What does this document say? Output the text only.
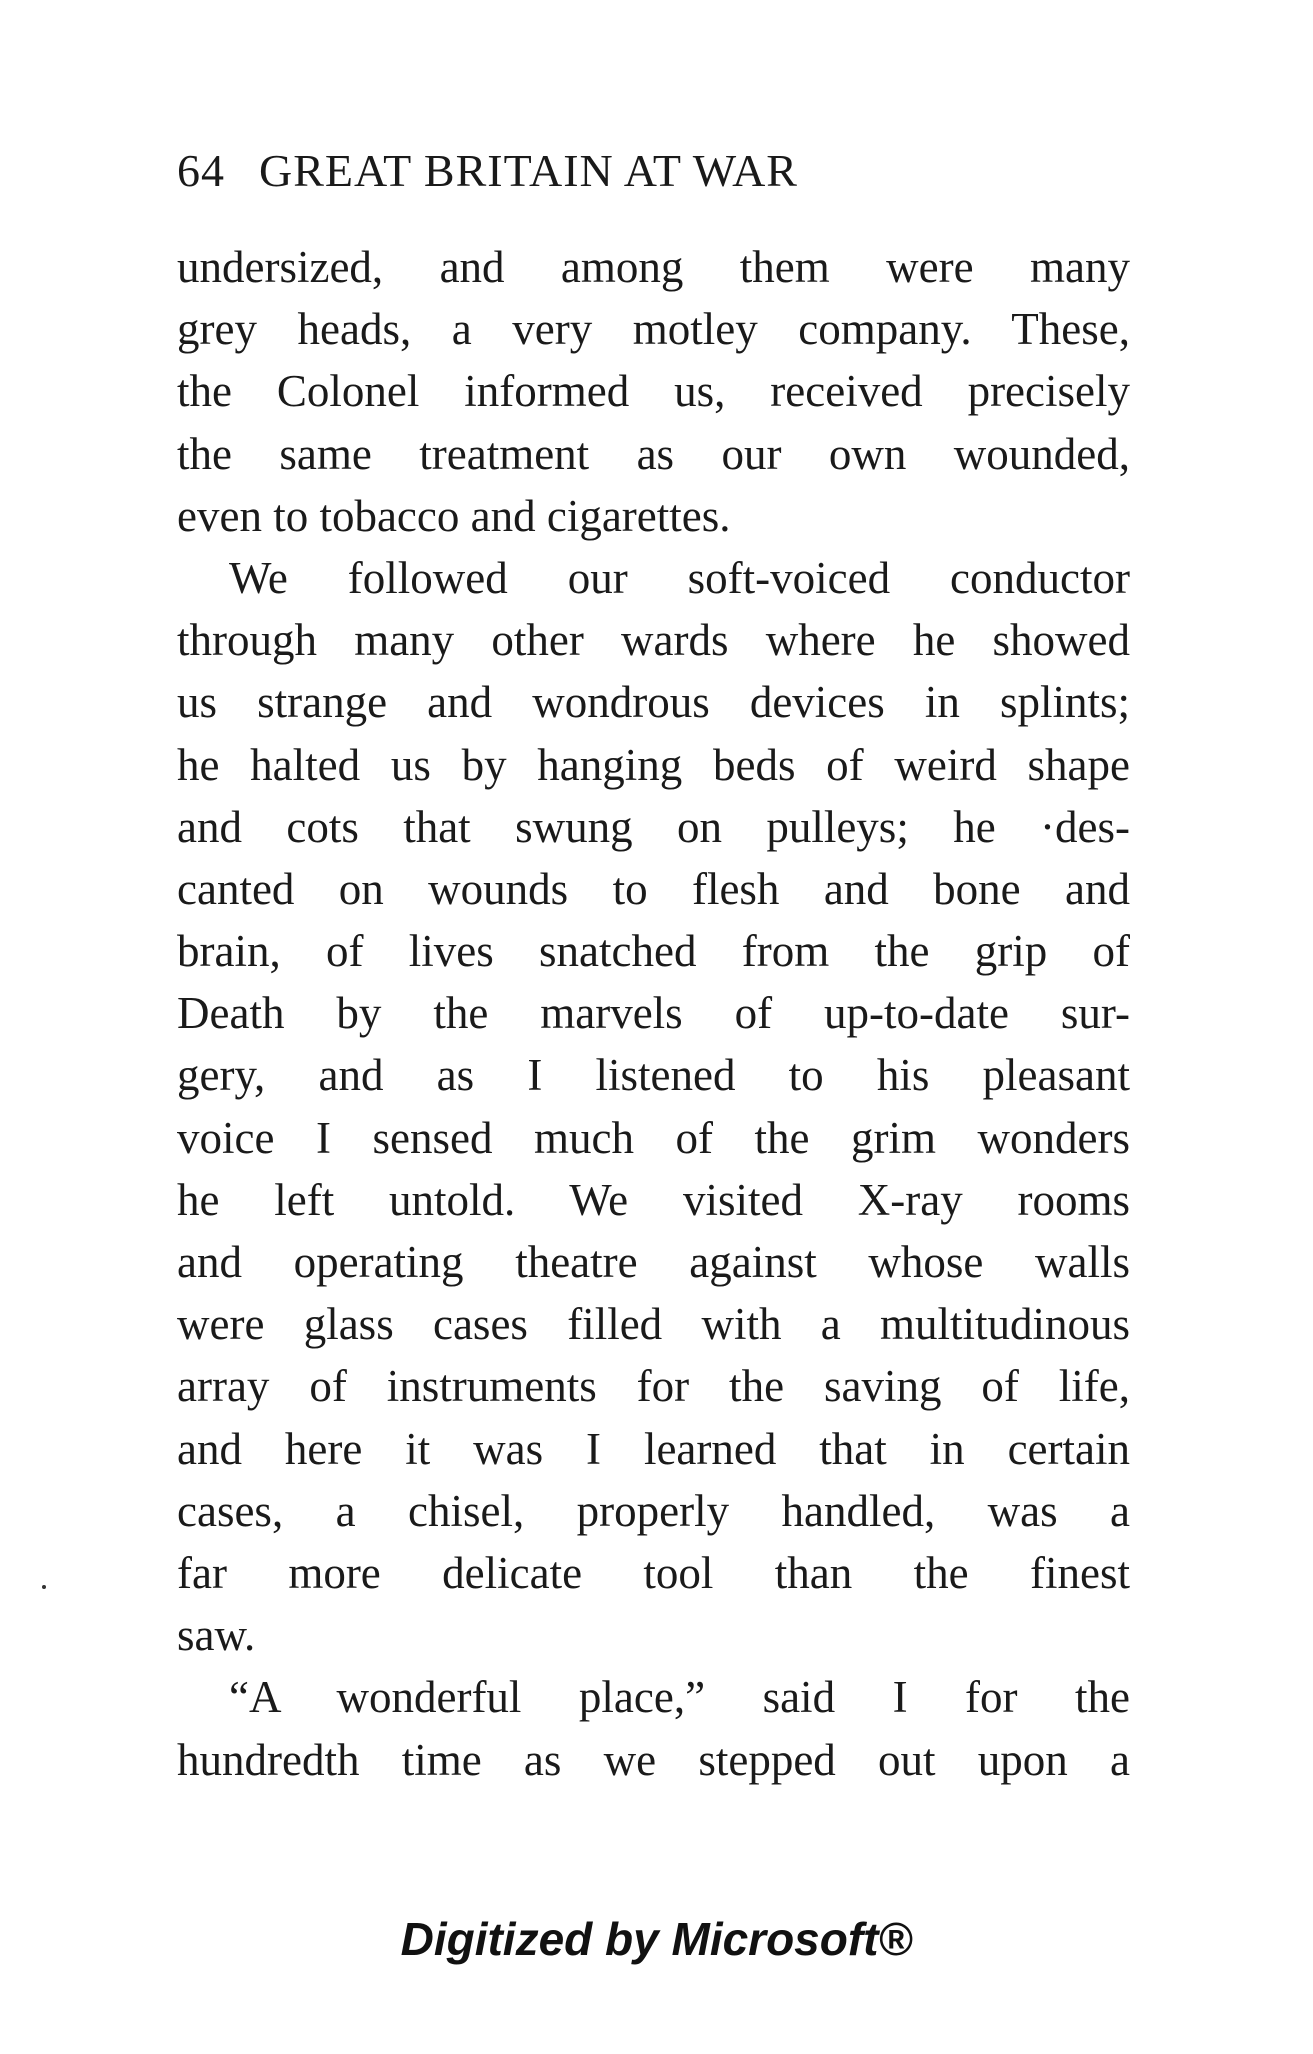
64 GREAT BRITAIN AT WAR
undersized, and among them were many
grey heads, a very motley company. These,
the Colonel informed us, received precisely
the same treatment as our own wounded,
even to tobacco and cigarettes.
We followed our soft-voiced conductor
through many other wards where he showed
us strange and wondrous devices in splints;
he halted us by hanging beds of weird shape
and cots that swung on pulleys; he ·des-
canted on wounds to flesh and bone and
brain, of lives snatched from the grip of
Death by the marvels of up-to-date sur-
gery, and as I listened to his pleasant
voice I sensed much of the grim wonders
he left untold. We visited X-ray rooms
and operating theatre against whose walls
were glass cases filled with a multitudinous
array of instruments for the saving of life,
and here it was I learned that in certain
cases, a chisel, properly handled, was a
far more delicate tool than the finest
saw.
“A wonderful place,” said I for the
hundredth time as we stepped out upon a
Digitized by Microsoft®
